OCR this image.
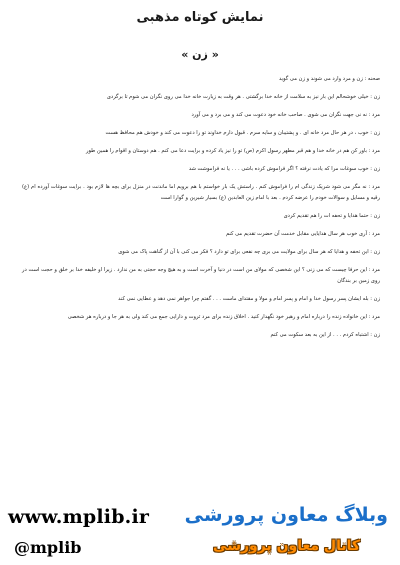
نمایش کوتاه مذهبی
« زن »

صحنه : زن و مرد وارد می شوند و زن می گوید

زن : خیلی خوشحالم این بار نیز به سلامت از خانه خدا برگشتی . هر وقت به زیارت خانه خدا می روی نگران می شوم تا برگردی

مرد : نه نی جهت نگران می شوی . صاحب خانه خود دعوت می کند و می برد و می آورد

زن : خوب ، در هر حال مرد خانه ای . و پشتیبان و سایه سرم . قبول دارم خداوند تو را دعوت می کند و خودش هم محافظ هست

مرد : باور کن هم در خانه خدا و هم قبر مطهر رسول اکرم (ص) تو را نیز یاد کرده و برایت دعا می کنم . هم دوستان و اقوام را همین طور

زن : خوب سوغات مرا که یادت نرفته ؟ اگر فراموش کرده باشی . . . یا نه فراموشت شد

مرد : نه مگر می شود شریک زندگی ام را فراموش کنم . راستش یک بار خواستم با هم برویم اما ماندنت در منزل برای بچه ها لازم بود . برایت سوغات آورده ام (ع) رقیه و مسایل و سوالات خودم را عرضه کردم . بعد با امام زین العابدین (ع) بسیار شیرین و گوارا است

زن : حتما هدایا و تحفه ات را هم تقدیم کردی

مرد : آری خوب هر سال هدایایی مقابل خدمت آن حضرت تقدیم می کنم

زن : این تحفه و هدایا که هر سال برای مولایت می بری چه نفعی برای تو دارد ؟ فکر می کنی با آن از گناهت پاک می شوی

مرد : این حرفا چیست که می زنی ؟ این شخصی که مولای من است در دنیا و آخرت است و به هیچ وجه حجتی به من ندارد . زیرا او خلیفه خدا بر خلق و حجت است در روی زمین بر بندگان

زن : بله ایشان پسر رسول خدا و امام و پسر امام و مولا و مقتدای ماست . . . گفتم چرا جواهر نمی دهد و عطایی نمی کند

مرد : این خانواده زنده را درباره امام و رهبر خود نگهدار کنید . اخلاق زنده برای مرد ثروت و دارایی جمع می کند ولی به هر جا و درباره هر شخصی

زن : اشتباه کردم . . . از این به بعد سکوت می کنم

www.mplib.ir
@mplib
وبلاگ معاون پرورشی
کانال معاون پرورشی
